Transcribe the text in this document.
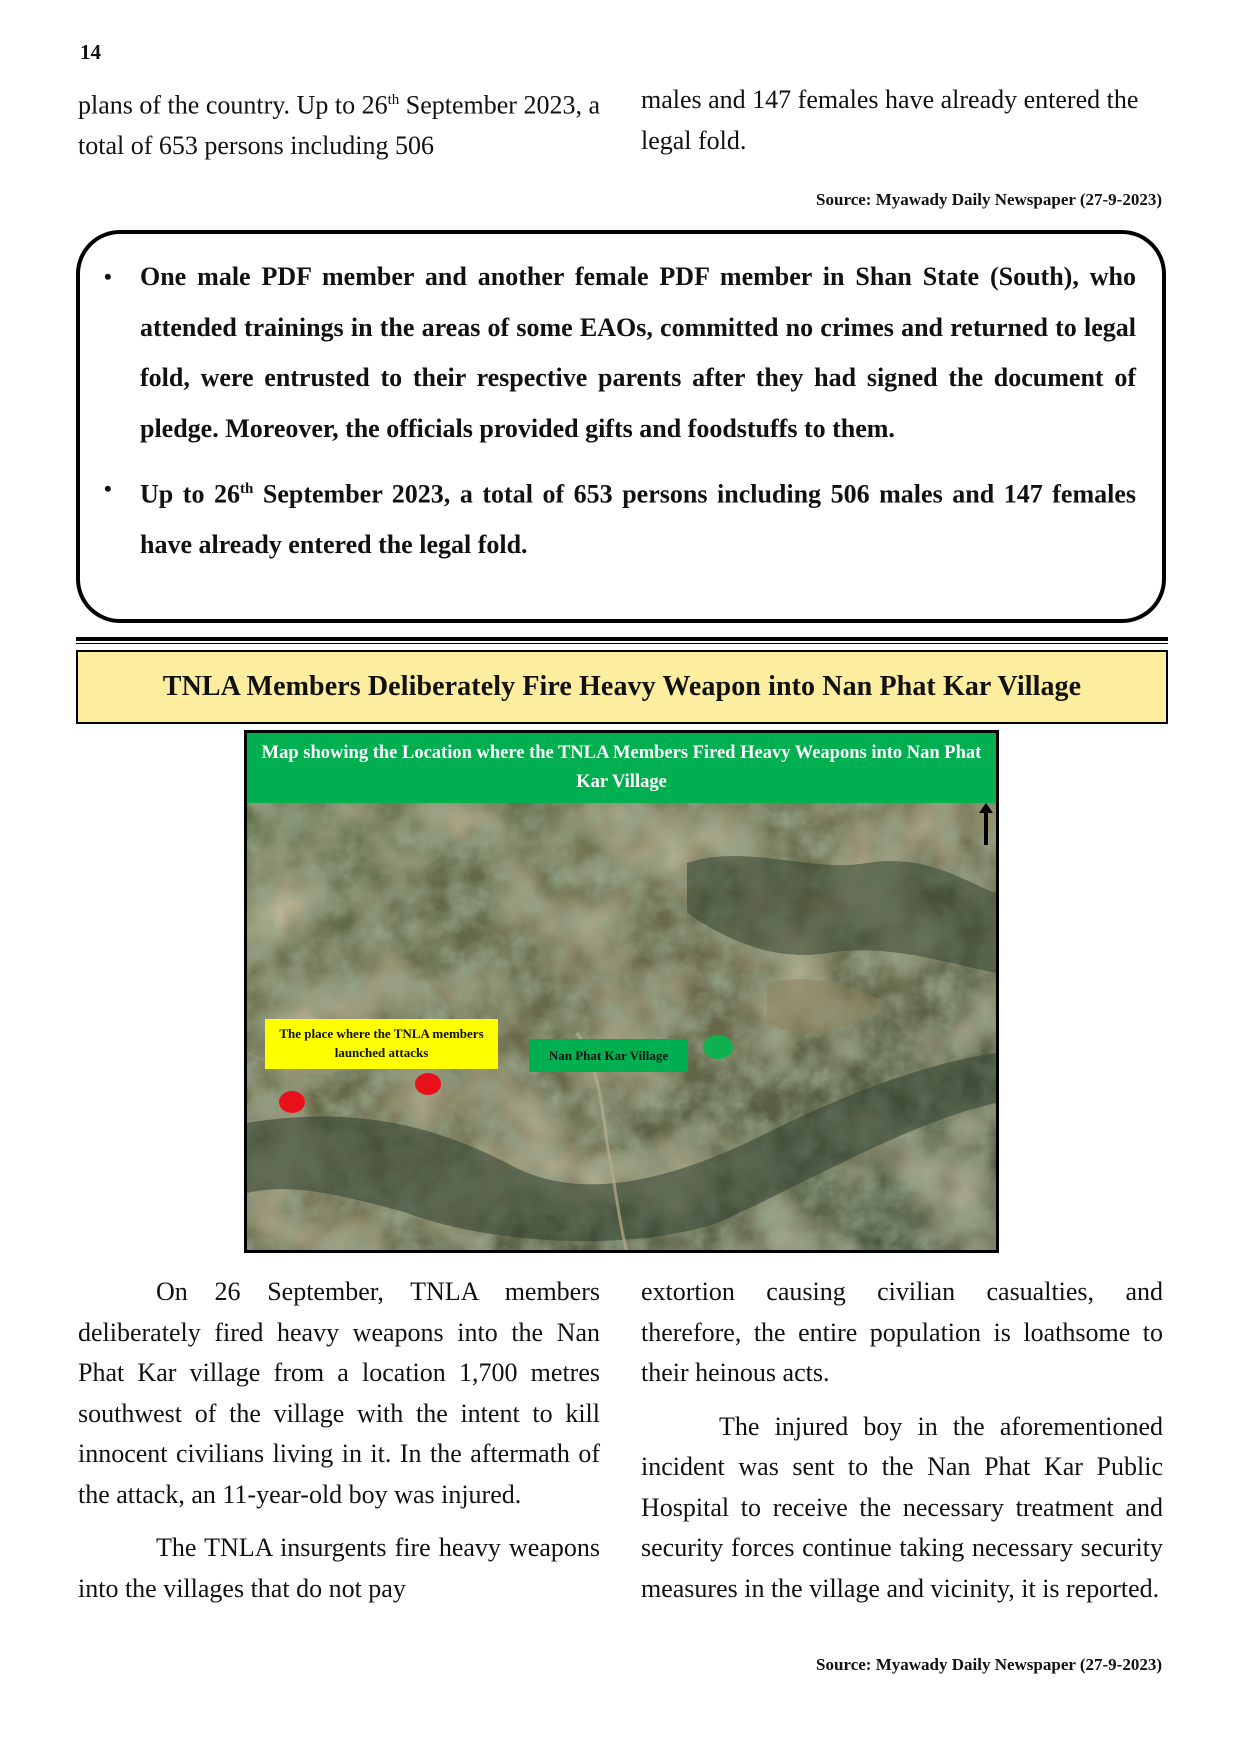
14

plans of the country. Up to 26th September 2023, a total of 653 persons including 506

males and 147 females have already entered the legal fold.

Source: Myawady Daily Newspaper (27-9-2023)
• One male PDF member and another female PDF member in Shan State (South), who attended trainings in the areas of some EAOs, committed no crimes and returned to legal fold, were entrusted to their respective parents after they had signed the document of pledge. Moreover, the officials provided gifts and foodstuffs to them.
• Up to 26th September 2023, a total of 653 persons including 506 males and 147 females have already entered the legal fold.
TNLA Members Deliberately Fire Heavy Weapon into Nan Phat Kar Village
Map showing the Location where the TNLA Members Fired Heavy Weapons into Nan Phat Kar Village
The place where the TNLA members launched attacks	Nan Phat Kar Village

On 26 September, TNLA members deliberately fired heavy weapons into the Nan Phat Kar village from a location 1,700 metres southwest of the village with the intent to kill innocent civilians living in it. In the aftermath of the attack, an 11-year-old boy was injured.

The TNLA insurgents fire heavy weapons into the villages that do not pay

extortion causing civilian casualties, and therefore, the entire population is loathsome to their heinous acts.

The injured boy in the aforementioned incident was sent to the Nan Phat Kar Public Hospital to receive the necessary treatment and security forces continue taking necessary security measures in the village and vicinity, it is reported.

Source: Myawady Daily Newspaper (27-9-2023)
